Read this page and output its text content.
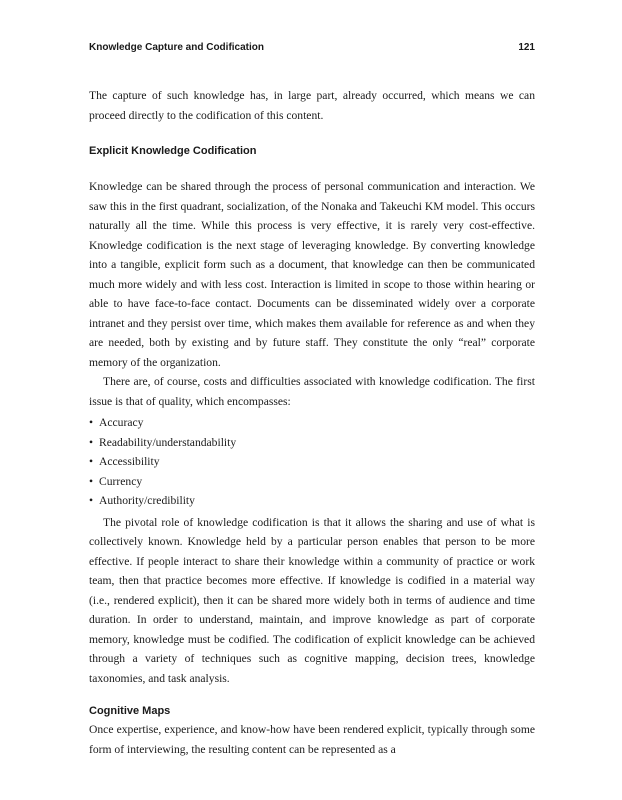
Knowledge Capture and Codification	121

The capture of such knowledge has, in large part, already occurred, which means we can proceed directly to the codification of this content.

Explicit Knowledge Codification

Knowledge can be shared through the process of personal communication and interaction. We saw this in the first quadrant, socialization, of the Nonaka and Takeuchi KM model. This occurs naturally all the time. While this process is very effective, it is rarely very cost-effective. Knowledge codification is the next stage of leveraging knowledge. By converting knowledge into a tangible, explicit form such as a document, that knowledge can then be communicated much more widely and with less cost. Interaction is limited in scope to those within hearing or able to have face-to-face contact. Documents can be disseminated widely over a corporate intranet and they persist over time, which makes them available for reference as and when they are needed, both by existing and by future staff. They constitute the only “real” corporate memory of the organization.

There are, of course, costs and difficulties associated with knowledge codification. The first issue is that of quality, which encompasses:

• Accuracy
• Readability/understandability
• Accessibility
• Currency
• Authority/credibility

The pivotal role of knowledge codification is that it allows the sharing and use of what is collectively known. Knowledge held by a particular person enables that person to be more effective. If people interact to share their knowledge within a community of practice or work team, then that practice becomes more effective. If knowledge is codified in a material way (i.e., rendered explicit), then it can be shared more widely both in terms of audience and time duration. In order to understand, maintain, and improve knowledge as part of corporate memory, knowledge must be codified. The codification of explicit knowledge can be achieved through a variety of techniques such as cognitive mapping, decision trees, knowledge taxonomies, and task analysis.

Cognitive Maps

Once expertise, experience, and know-how have been rendered explicit, typically through some form of interviewing, the resulting content can be represented as a
